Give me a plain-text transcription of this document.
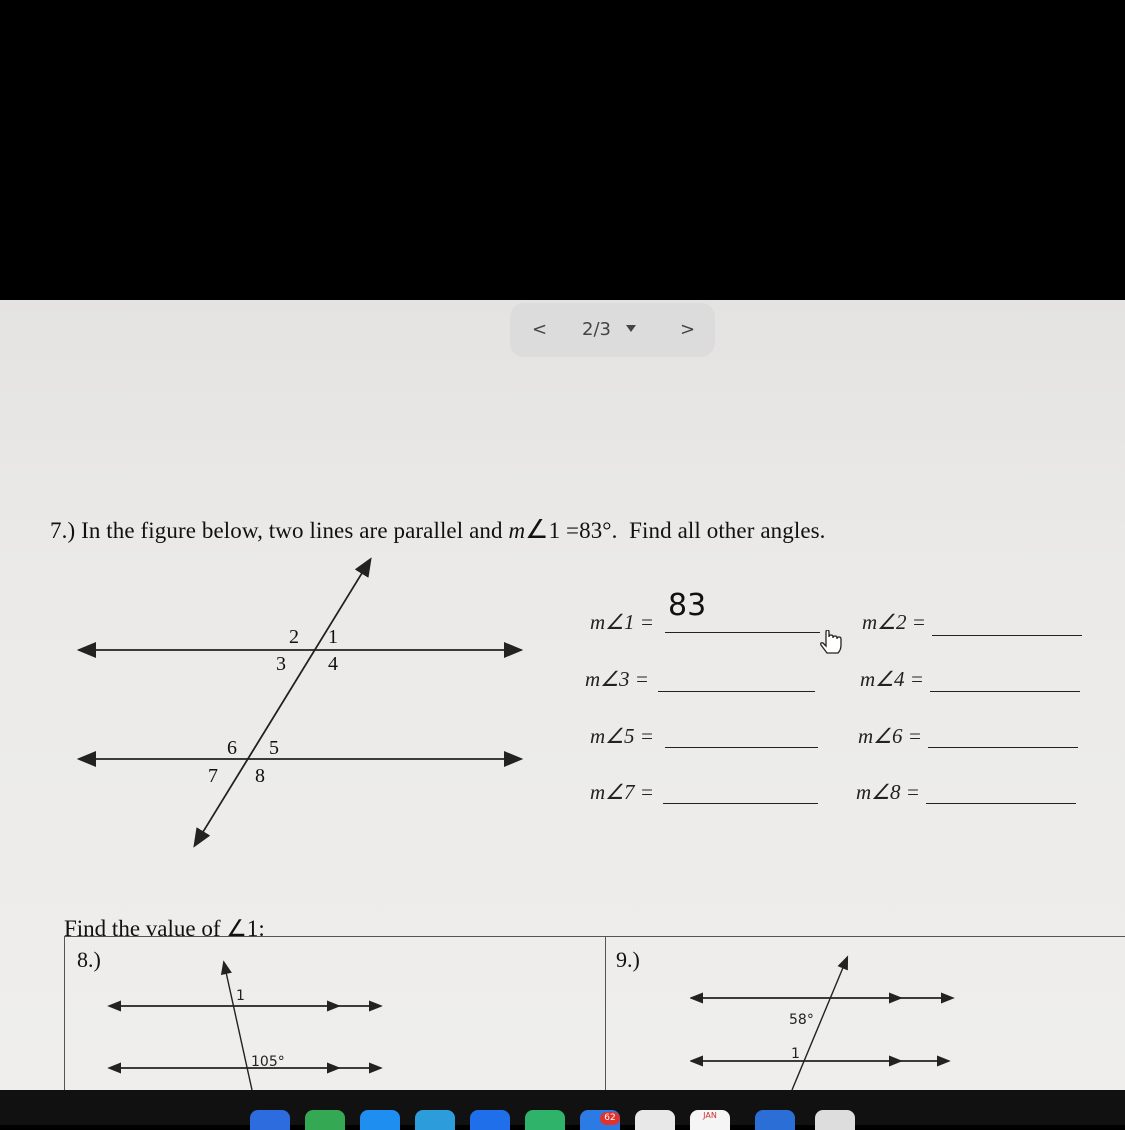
< 2/3	>
7.) In the figure below, two lines are parallel and m∠1 =83°.  Find all other angles.
2 1
3 4
6 5
7 8
m∠1 = 83	m∠2 =
m∠3 =	m∠4 =
m∠5 =	m∠6 =
m∠7 =	m∠8 =
Find the value of ∠1:
8.)	9.)
1
105°
58°
1
62	JAN
